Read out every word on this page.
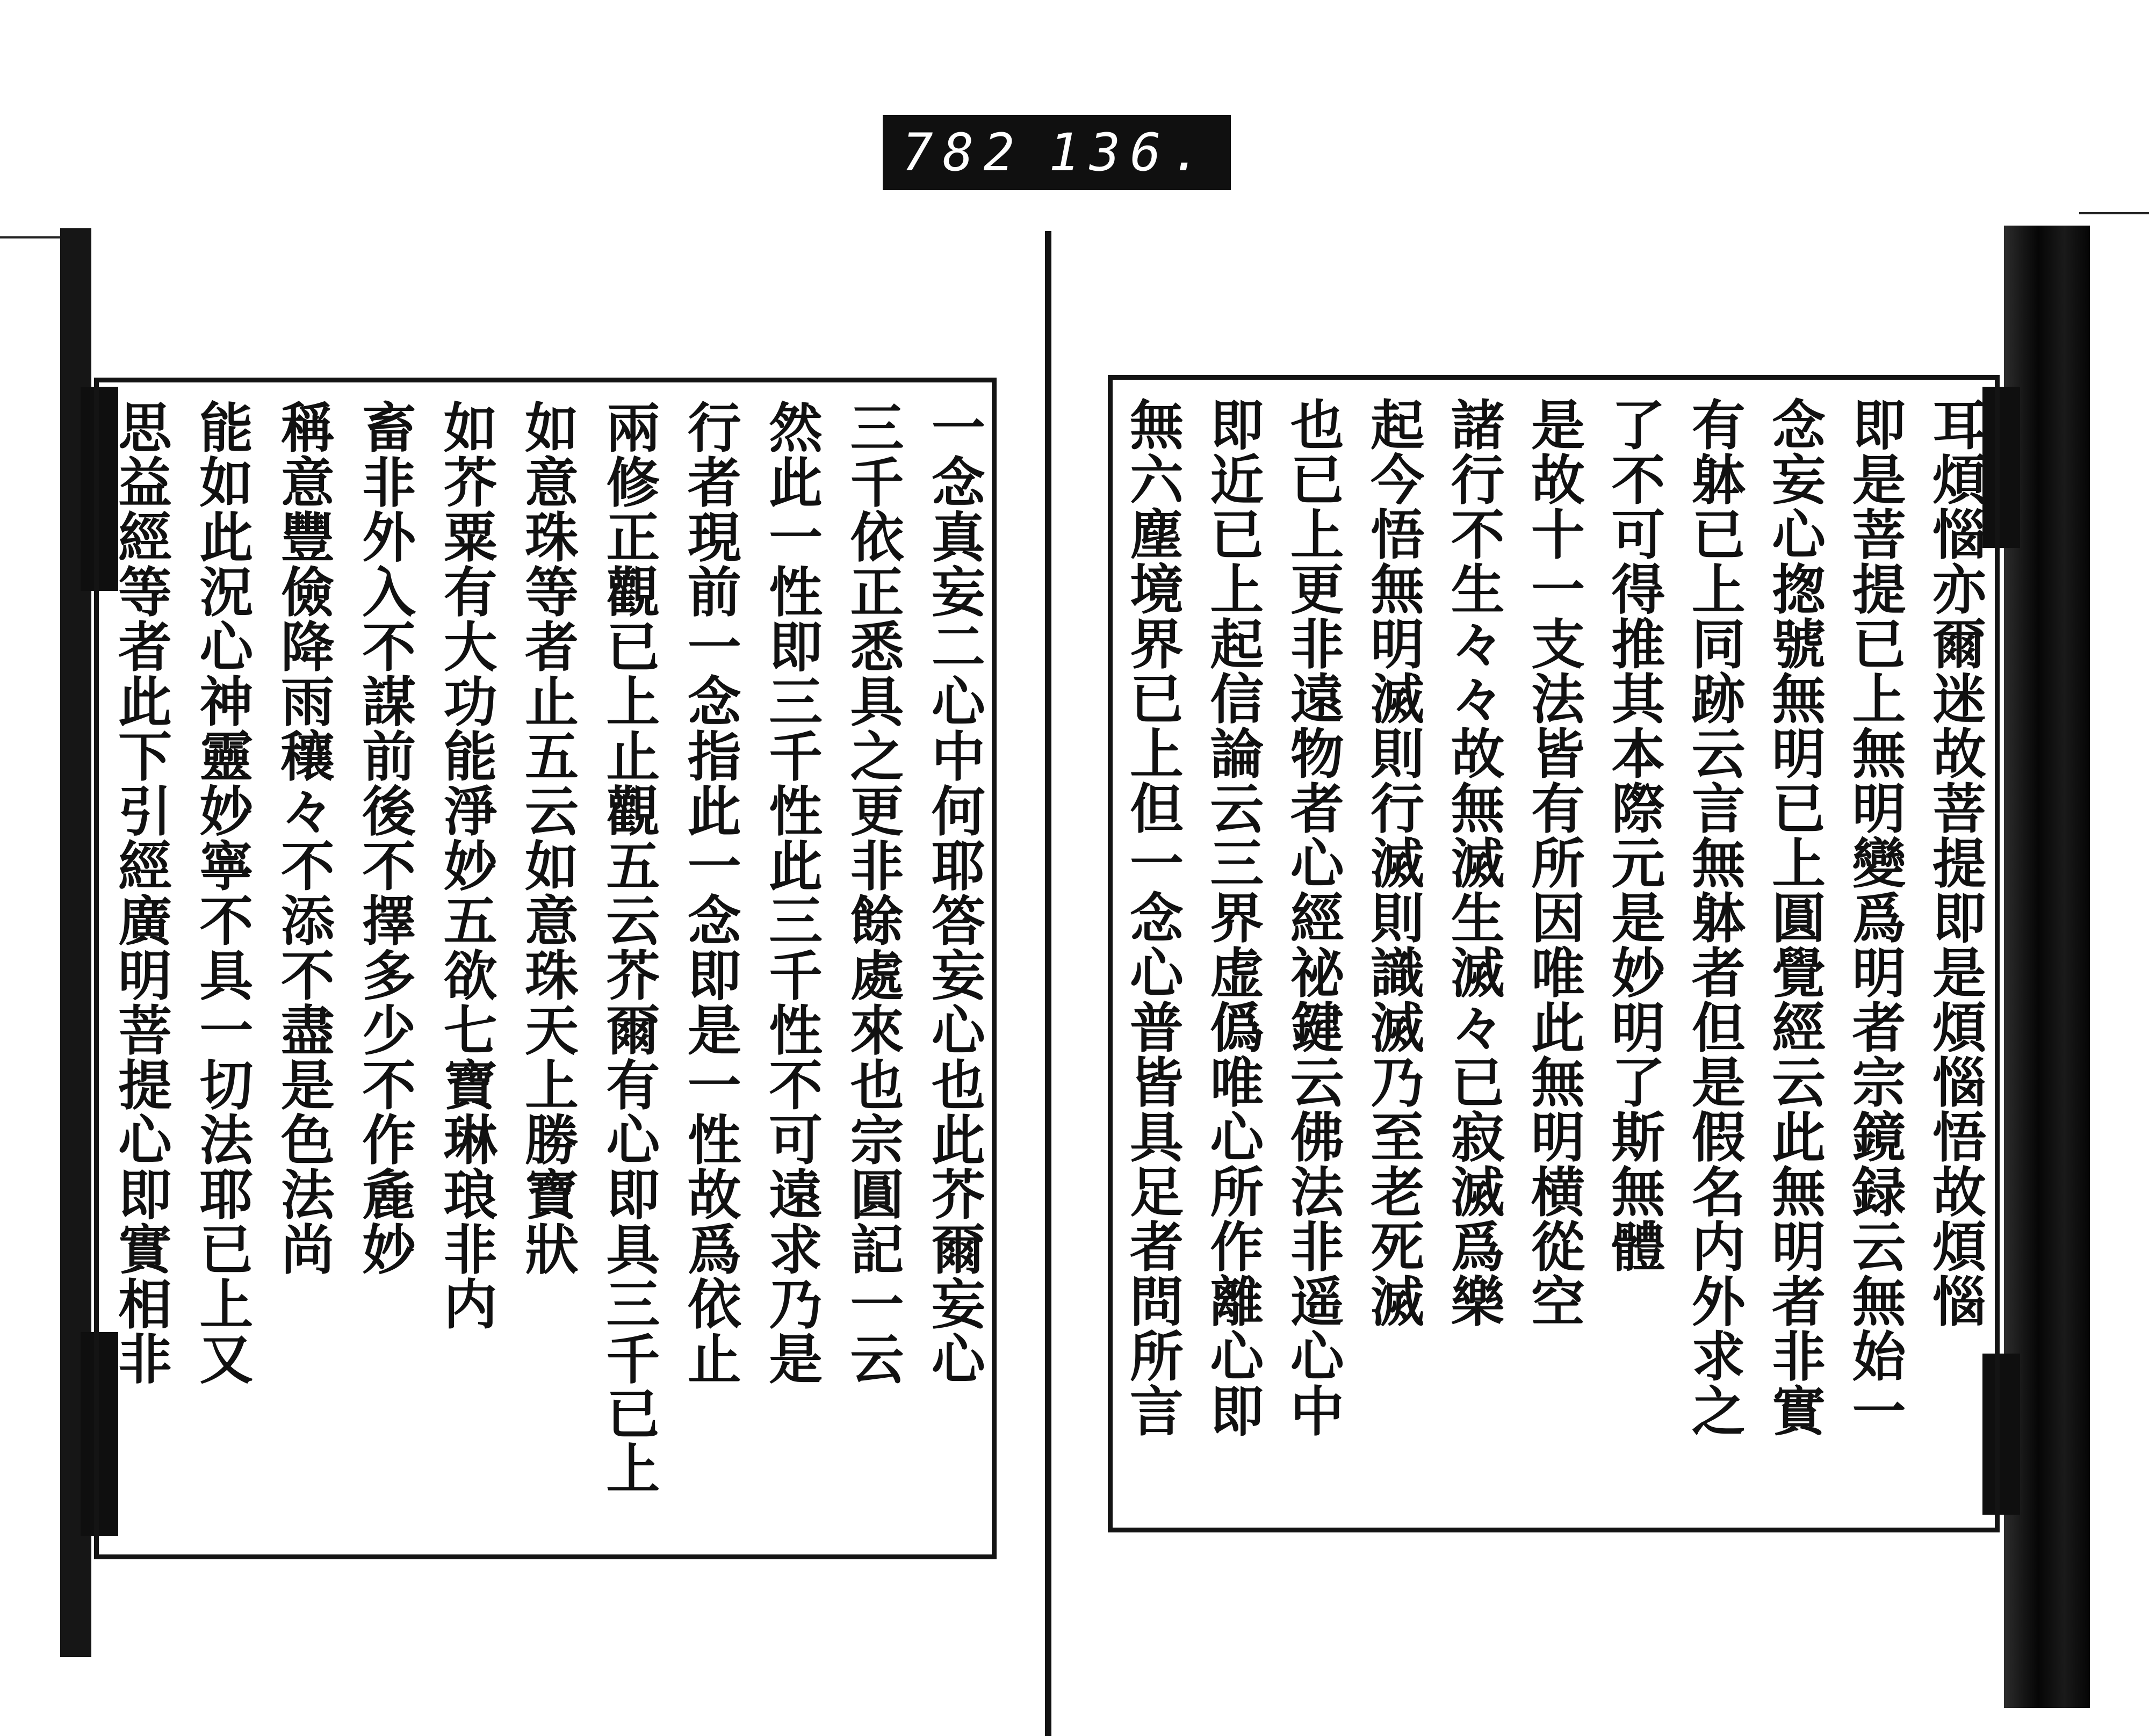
782 136.
耳煩惱亦爾迷故菩提即是煩惱悟故煩惱
即是菩提已上無明變爲明者宗鏡録云無始一
念妄心揔號無明已上圓覺經云此無明者非實
有躰已上同跡云言無躰者但是假名内外求之
了不可得推其本際元是妙明了斯無體
是故十一支法皆有所因唯此無明横從空
諸行不生々々故無滅生滅々已寂滅爲樂
起今悟無明滅則行滅則識滅乃至老死滅
也已上更非遠物者心經祕鍵云佛法非遥心中
即近已上起信論云三界虚僞唯心所作離心即
無六塵境界已上但一念心普皆具足者問所言
一念真妄二心中何耶答妄心也此芥爾妄心
三千依正悉具之更非餘處來也宗圓記一云
然此一性即三千性此三千性不可遠求乃是
行者現前一念指此一念即是一性故爲依止
兩修正觀已上止觀五云芥爾有心即具三千已上
如意珠等者止五云如意珠天上勝寶狀
如芥粟有大功能淨妙五欲七寶琳琅非内
畜非外入不謀前後不擇多少不作麁妙
稱意豐儉降雨穰々不添不盡是色法尚
能如此況心神靈妙寧不具一切法耶已上又
思益經等者此下引經廣明菩提心即實相非
